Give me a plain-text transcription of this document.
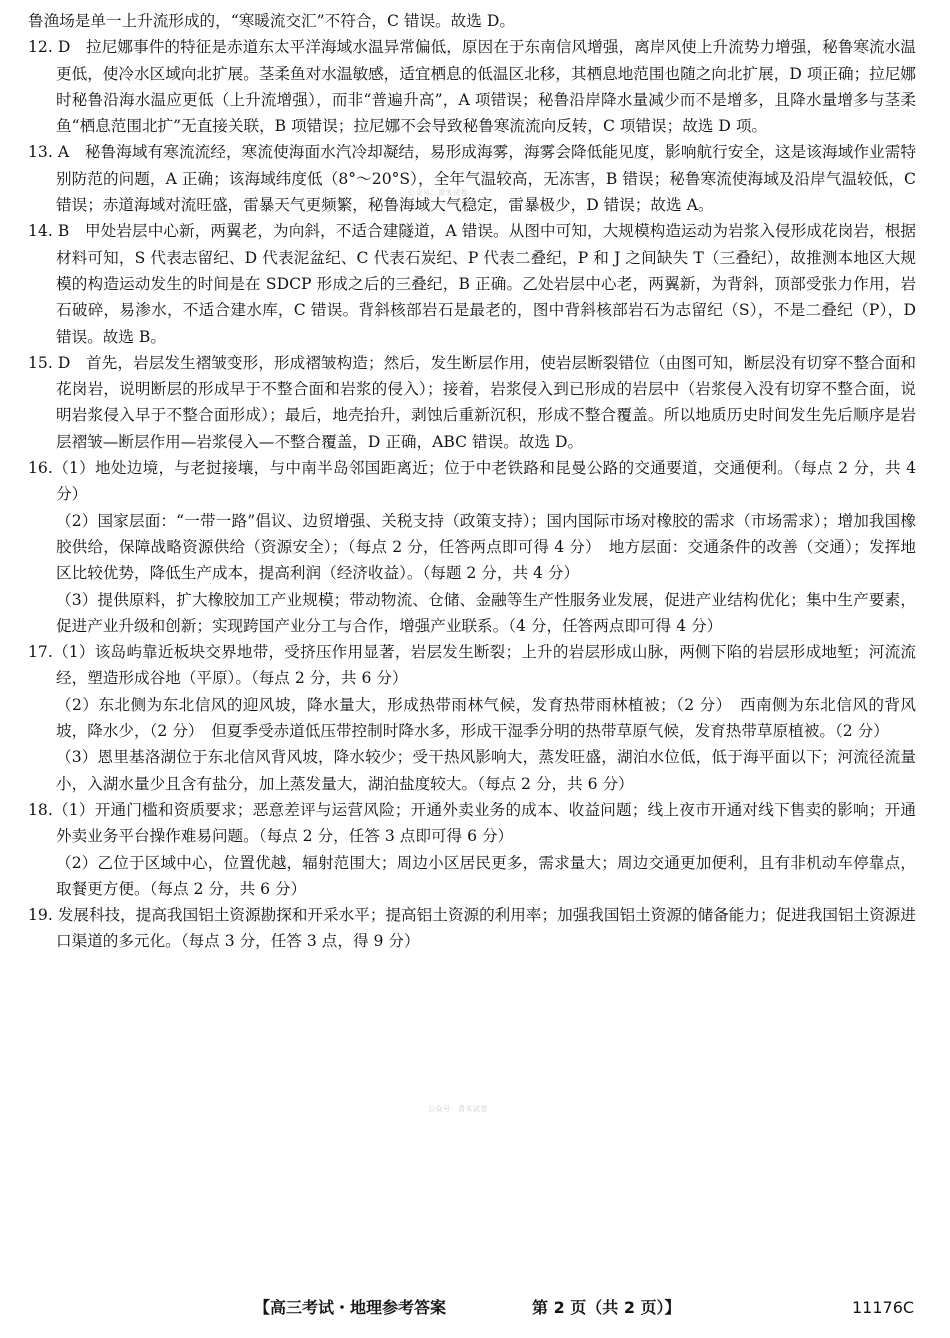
鲁渔场是单一上升流形成的，“寒暖流交汇”不符合，C 错误。故选 D。

12. D　拉尼娜事件的特征是赤道东太平洋海域水温异常偏低，原因在于东南信风增强，离岸风使上升流势力增强，秘鲁寒流水温更低，使冷水区域向北扩展。茎柔鱼对水温敏感，适宜栖息的低温区北移，其栖息地范围也随之向北扩展，D 项正确；拉尼娜时秘鲁沿海水温应更低（上升流增强），而非“普遍升高”，A 项错误；秘鲁沿岸降水量减少而不是增多，且降水量增多与茎柔鱼“栖息范围北扩”无直接关联，B 项错误；拉尼娜不会导致秘鲁寒流流向反转，C 项错误；故选 D 项。

13. A　秘鲁海域有寒流流经，寒流使海面水汽冷却凝结，易形成海雾，海雾会降低能见度，影响航行安全，这是该海域作业需特别防范的问题，A 正确；该海域纬度低（8°～20°S），全年气温较高，无冻害，B 错误；秘鲁寒流使海域及沿岸气温较低，C 错误；赤道海域对流旺盛，雷暴天气更频繁，秘鲁海域大气稳定，雷暴极少，D 错误；故选 A。

14. B　甲处岩层中心新，两翼老，为向斜，不适合建隧道，A 错误。从图中可知，大规模构造运动为岩浆入侵形成花岗岩，根据材料可知，S 代表志留纪、D 代表泥盆纪、C 代表石炭纪、P 代表二叠纪，P 和 J 之间缺失 T（三叠纪），故推测本地区大规模的构造运动发生的时间是在 SDCP 形成之后的三叠纪，B 正确。乙处岩层中心老，两翼新，为背斜，顶部受张力作用，岩石破碎，易渗水，不适合建水库，C 错误。背斜核部岩石是最老的，图中背斜核部岩石为志留纪（S），不是二叠纪（P），D 错误。故选 B。

15. D　首先，岩层发生褶皱变形，形成褶皱构造；然后，发生断层作用，使岩层断裂错位（由图可知，断层没有切穿不整合面和花岗岩，说明断层的形成早于不整合面和岩浆的侵入）；接着，岩浆侵入到已形成的岩层中（岩浆侵入没有切穿不整合面，说明岩浆侵入早于不整合面形成）；最后，地壳抬升，剥蚀后重新沉积，形成不整合覆盖。所以地质历史时间发生先后顺序是岩层褶皱—断层作用—岩浆侵入—不整合覆盖，D 正确，ABC 错误。故选 D。

16.（1）地处边境，与老挝接壤，与中南半岛邻国距离近；位于中老铁路和昆曼公路的交通要道，交通便利。（每点 2 分，共 4 分）

（2）国家层面：“一带一路”倡议、边贸增强、关税支持（政策支持）；国内国际市场对橡胶的需求（市场需求）；增加我国橡胶供给，保障战略资源供给（资源安全）；（每点 2 分，任答两点即可得 4 分）　地方层面：交通条件的改善（交通）；发挥地区比较优势，降低生产成本，提高利润（经济收益）。（每题 2 分，共 4 分）

（3）提供原料，扩大橡胶加工产业规模；带动物流、仓储、金融等生产性服务业发展，促进产业结构优化；集中生产要素，促进产业升级和创新；实现跨国产业分工与合作，增强产业联系。（4 分，任答两点即可得 4 分）

17.（1）该岛屿靠近板块交界地带，受挤压作用显著，岩层发生断裂；上升的岩层形成山脉，两侧下陷的岩层形成地堑；河流流经，塑造形成谷地（平原）。（每点 2 分，共 6 分）

（2）东北侧为东北信风的迎风坡，降水量大，形成热带雨林气候，发育热带雨林植被；（2 分）　西南侧为东北信风的背风坡，降水少，（2 分）　但夏季受赤道低压带控制时降水多，形成干湿季分明的热带草原气候，发育热带草原植被。（2 分）

（3）恩里基洛湖位于东北信风背风坡，降水较少；受干热风影响大，蒸发旺盛，湖泊水位低，低于海平面以下；河流径流量小，入湖水量少且含有盐分，加上蒸发量大，湖泊盐度较大。（每点 2 分，共 6 分）

18.（1）开通门槛和资质要求；恶意差评与运营风险；开通外卖业务的成本、收益问题；线上夜市开通对线下售卖的影响；开通外卖业务平台操作难易问题。（每点 2 分，任答 3 点即可得 6 分）

（2）乙位于区域中心，位置优越，辐射范围大；周边小区居民更多，需求量大；周边交通更加便利，且有非机动车停靠点，取餐更方便。（每点 2 分，共 6 分）

19. 发展科技，提高我国铝土资源勘探和开采水平；提高铝土资源的利用率；加强我国铝土资源的储备能力；促进我国铝土资源进口渠道的多元化。（每点 3 分，任答 3 点，得 9 分）

公众号：青禾试卷
公众号：青禾试卷
【高三考试・地理参考答案	第 2 页（共 2 页）】	11176C
